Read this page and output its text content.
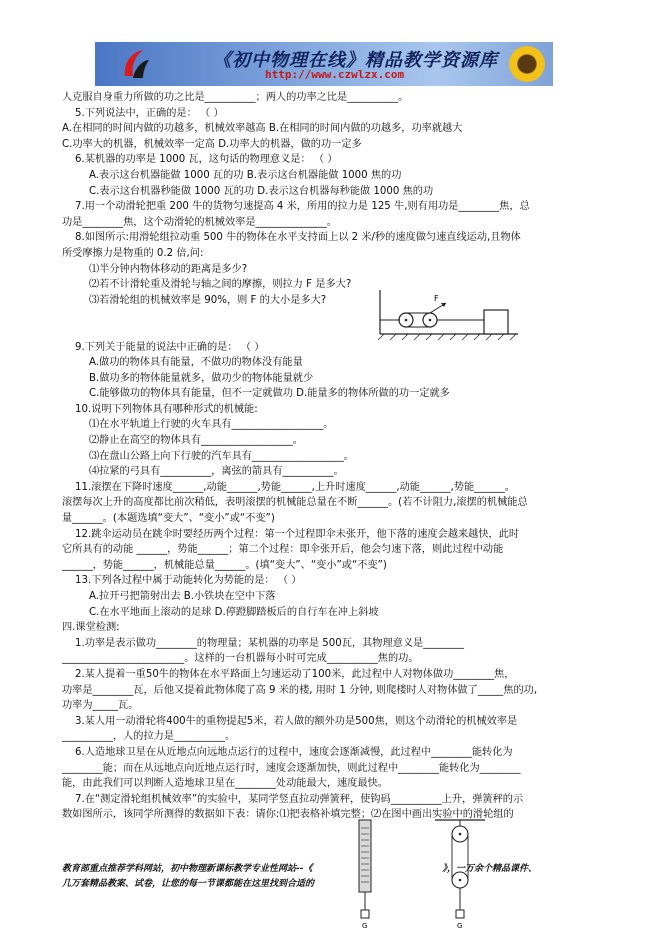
《初中物理在线》精品教学资源库
http://www.czwlzx.com
人克服自身重力所做的功之比是__________；两人的功率之比是__________。
5.下列说法中，正确的是： （ ）
A.在相同的时间内做的功越多，机械效率越高 B.在相同的时间内做的功越多，功率就越大
C.功率大的机器，机械效率一定高 D.功率大的机器，做的功一定多
6.某机器的功率是 1000 瓦，这句话的物理意义是： （ ）
A.表示这台机器能做 1000 瓦的功 B.表示这台机器能做 1000 焦的功
C.表示这台机器秒能做 1000 瓦的功 D.表示这台机器每秒能做 1000 焦的功
7.用一个动滑轮把重 200 牛的货物匀速提高 4 米，所用的拉力是 125 牛,则有用功是________焦，总
功是________焦，这个动滑轮的机械效率是______________。
8.如图所示:用滑轮组拉动重 500 牛的物体在水平支持面上以 2 米/秒的速度做匀速直线运动,且物体
所受摩擦力是物重的 0.2 倍,问:
⑴半分钟内物体移动的距离是多少?
⑵若不计滑轮重及滑轮与轴之间的摩擦，则拉力 F 是多大?
⑶若滑轮组的机械效率是 90%，则 F 的大小是多大?
9.下列关于能量的说法中正确的是： （ ）
A.做功的物体具有能量，不做功的物体没有能量
B.做功多的物体能量就多，做功少的物体能量就少
C.能够做功的物体具有能量，但不一定就做功 D.能量多的物体所做的功一定就多
10.说明下列物体具有哪种形式的机械能:
⑴在水平轨道上行驶的火车具有__________________。
⑵静止在高空的物体具有__________________。
⑶在盘山公路上向下行驶的汽车具有__________________。
⑷拉紧的弓具有__________，离弦的箭具有__________。
11.滚摆在下降时速度______,动能______,势能______,上升时速度______,动能______,势能______。
滚摆每次上升的高度都比前次稍低，表明滚摆的机械能总量在不断______。(若不计阻力,滚摆的机械能总
量______。(本题选填“变大”、“变小”或“不变”)
12.跳伞运动员在跳伞时要经历两个过程：第一个过程即伞未张开，他下落的速度会越来越快，此时
它所具有的动能 ______，势能______；第二个过程：即伞张开后，他会匀速下落，则此过程中动能
______，势能______，机械能总量______。(填“变大”、“变小”或“不变”)
13.下列各过程中属于动能转化为势能的是： （ ）
A.拉开弓把箭射出去 B.小铁块在空中下落
C.在水平地面上滚动的足球 D.停蹬脚踏板后的自行车在冲上斜坡
四.课堂检测:
1.功率是表示做功________的物理量；某机器的功率是 500瓦，其物理意义是________
________________________。这样的一台机器每小时可完成__________焦的功。
2.某人提着一重50牛的物体在水平路面上匀速运动了100米，此过程中人对物体做功________焦，
功率是________瓦，后他又提着此物体爬了高 9 米的楼, 用时 1 分钟, 则爬楼时人对物体做了_____焦的功,
功率为_____瓦。
3.某人用一动滑轮将400牛的重物提起5米，若人做的额外功是500焦，则这个动滑轮的机械效率是
__________，人的拉力是__________。
6.人造地球卫星在从近地点向远地点运行的过程中，速度会逐渐减慢，此过程中________能转化为
________能；而在从远地点向近地点运行时，速度会逐渐加快，则此过程中________能转化为________
能，由此我们可以判断人造地球卫星在________处动能最大，速度最快。
7.在“测定滑轮组机械效率”的实验中，某同学竖直拉动弹簧秤，使钩码__________上升，弹簧秤的示
数如图所示，该同学所测得的数据如下表：请你:⑴把表格补填完整；⑵在图中画出实验中的滑轮组的
F
G	G
教育部重点推荐学科网站，初中物理新课标教学专业性网站--《	》，一万余个精品课件、
几万套精品教案、试卷，让您的每一节课都能在这里找到合适的
